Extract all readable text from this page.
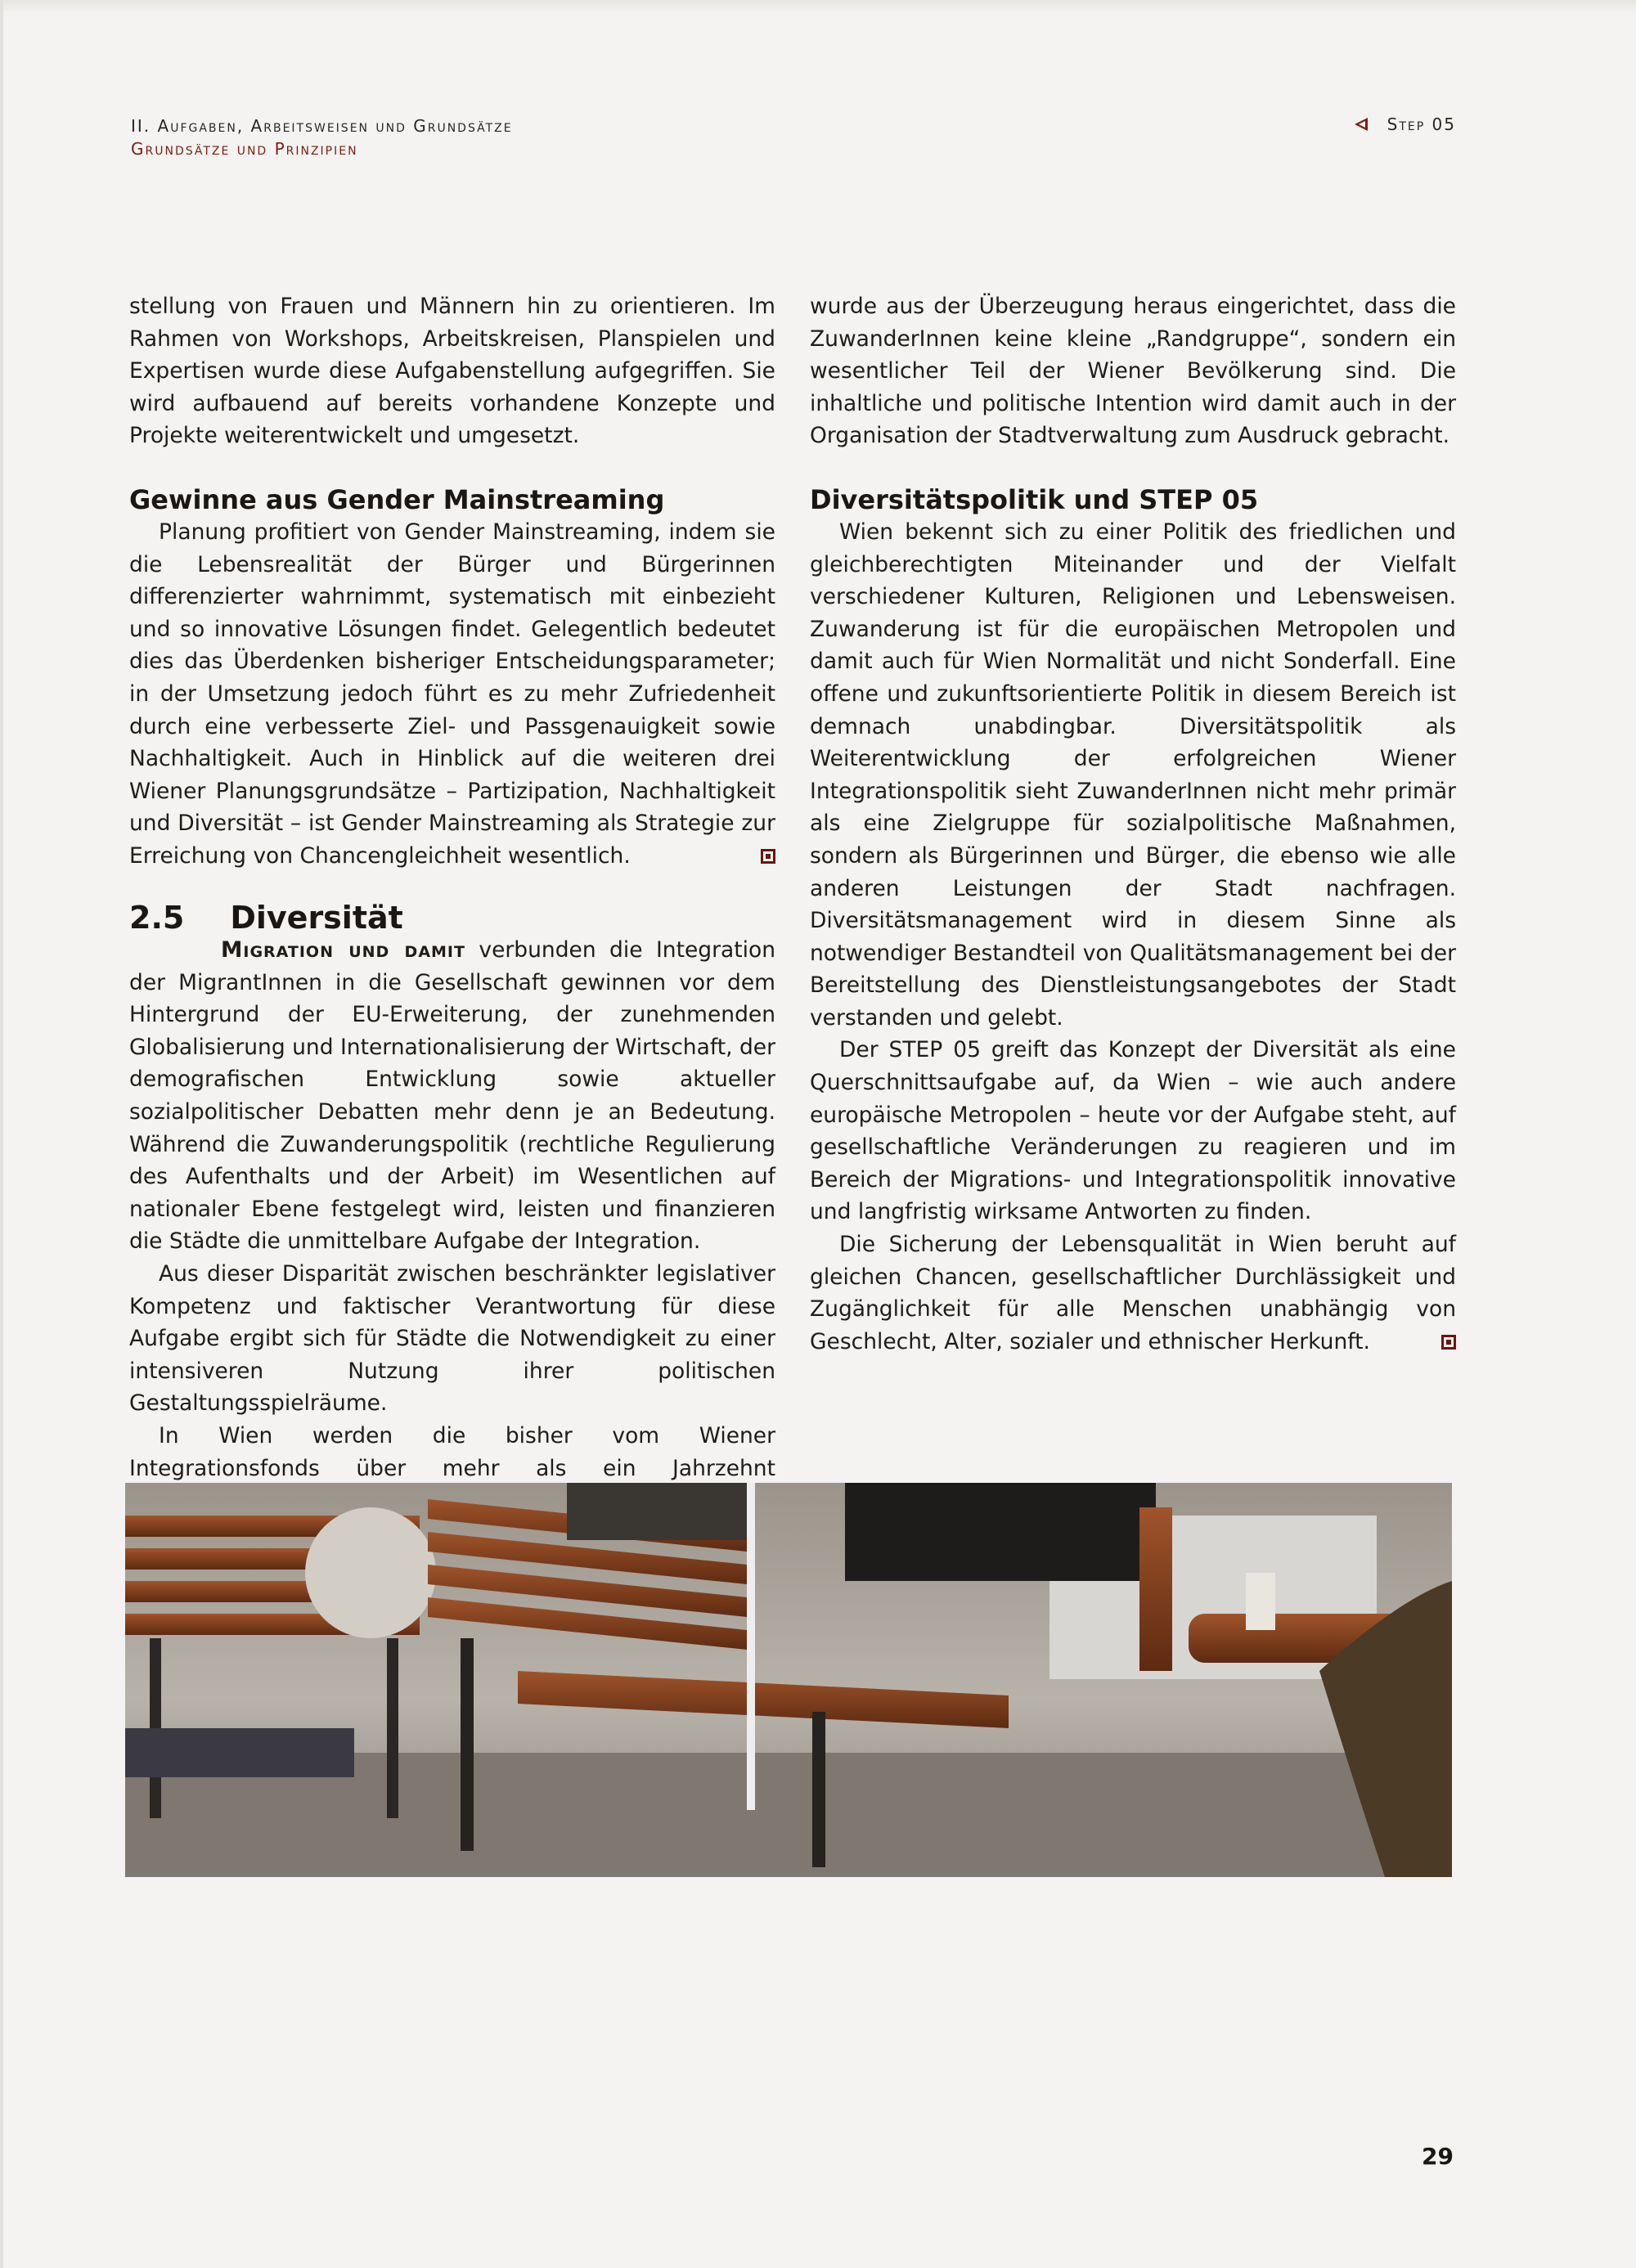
II. Aufgaben, Arbeitsweisen und Grundsätze
Grundsätze und Prinzipien
Step 05

stellung von Frauen und Männern hin zu orientieren. Im Rahmen von Workshops, Arbeitskreisen, Planspielen und Expertisen wurde diese Aufgabenstellung aufgegriffen. Sie wird aufbauend auf bereits vorhandene Konzepte und Projekte weiterentwickelt und umgesetzt.

Gewinne aus Gender Mainstreaming

Planung profitiert von Gender Mainstreaming, indem sie die Lebensrealität der Bürger und Bürgerinnen differenzierter wahrnimmt, systematisch mit einbezieht und so innovative Lösungen findet. Gelegentlich bedeutet dies das Überdenken bisheriger Entscheidungsparameter; in der Umsetzung jedoch führt es zu mehr Zufriedenheit durch eine verbesserte Ziel- und Passgenauigkeit sowie Nachhaltigkeit. Auch in Hinblick auf die weiteren drei Wiener Planungsgrundsätze – Partizipation, Nachhaltigkeit und Diversität – ist Gender Mainstreaming als Strategie zur Erreichung von Chancengleichheit wesentlich.

2.5 Diversität

Migration und damit verbunden die Integration der MigrantInnen in die Gesellschaft gewinnen vor dem Hintergrund der EU-Erweiterung, der zunehmenden Globalisierung und Internationalisierung der Wirtschaft, der demografischen Entwicklung sowie aktueller sozialpolitischer Debatten mehr denn je an Bedeutung. Während die Zuwanderungspolitik (rechtliche Regulierung des Aufenthalts und der Arbeit) im Wesentlichen auf nationaler Ebene festgelegt wird, leisten und finanzieren die Städte die unmittelbare Aufgabe der Integration.

Aus dieser Disparität zwischen beschränkter legislativer Kompetenz und faktischer Verantwortung für diese Aufgabe ergibt sich für Städte die Notwendigkeit zu einer intensiveren Nutzung ihrer politischen Gestaltungsspielräume.

In Wien werden die bisher vom Wiener Integrationsfonds über mehr als ein Jahrzehnt

wurde aus der Überzeugung heraus eingerichtet, dass die ZuwanderInnen keine kleine „Randgruppe“, sondern ein wesentlicher Teil der Wiener Bevölkerung sind. Die inhaltliche und politische Intention wird damit auch in der Organisation der Stadtverwaltung zum Ausdruck gebracht.

Diversitätspolitik und STEP 05

Wien bekennt sich zu einer Politik des friedlichen und gleichberechtigten Miteinander und der Vielfalt verschiedener Kulturen, Religionen und Lebensweisen. Zuwanderung ist für die europäischen Metropolen und damit auch für Wien Normalität und nicht Sonderfall. Eine offene und zukunftsorientierte Politik in diesem Bereich ist demnach unabdingbar. Diversitätspolitik als Weiterentwicklung der erfolgreichen Wiener Integrationspolitik sieht ZuwanderInnen nicht mehr primär als eine Zielgruppe für sozialpolitische Maßnahmen, sondern als Bürgerinnen und Bürger, die ebenso wie alle anderen Leistungen der Stadt nachfragen. Diversitätsmanagement wird in diesem Sinne als notwendiger Bestandteil von Qualitätsmanagement bei der Bereitstellung des Dienstleistungsangebotes der Stadt verstanden und gelebt.

Der STEP 05 greift das Konzept der Diversität als eine Querschnittsaufgabe auf, da Wien – wie auch andere europäische Metropolen – heute vor der Aufgabe steht, auf gesellschaftliche Veränderungen zu reagieren und im Bereich der Migrations- und Integrationspolitik innovative und langfristig wirksame Antworten zu finden.

Die Sicherung der Lebensqualität in Wien beruht auf gleichen Chancen, gesellschaftlicher Durchlässigkeit und Zugänglichkeit für alle Menschen unabhängig von Geschlecht, Alter, sozialer und ethnischer Herkunft.

29
